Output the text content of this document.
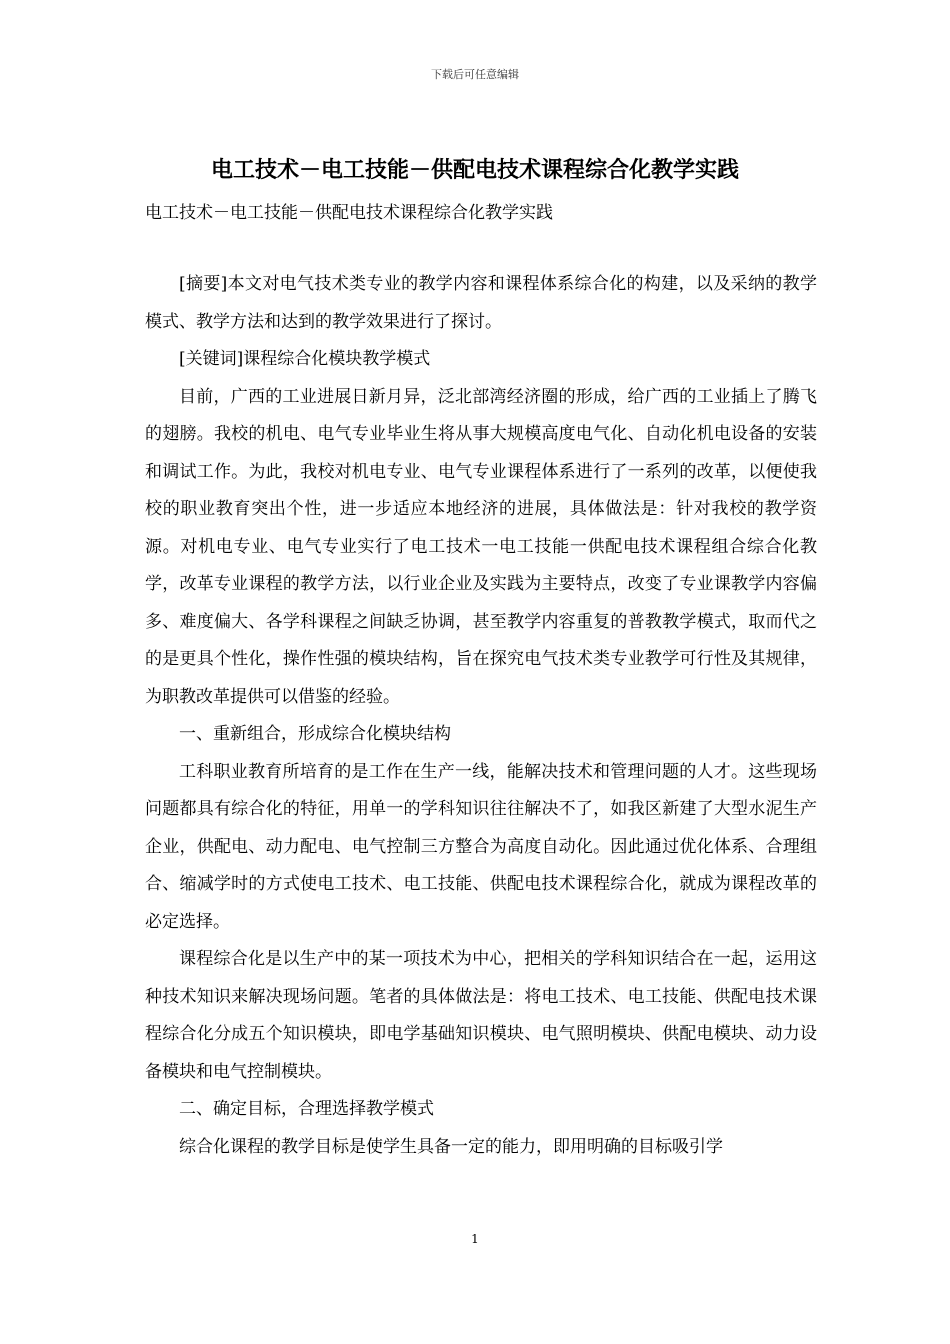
下载后可任意编辑
电工技术－电工技能－供配电技术课程综合化教学实践
电工技术－电工技能－供配电技术课程综合化教学实践

[摘要]本文对电气技术类专业的教学内容和课程体系综合化的构建，以及采纳的教学模式、教学方法和达到的教学效果进行了探讨。

[关键词]课程综合化模块教学模式

目前，广西的工业进展日新月异，泛北部湾经济圈的形成，给广西的工业插上了腾飞的翅膀。我校的机电、电气专业毕业生将从事大规模高度电气化、自动化机电设备的安装和调试工作。为此，我校对机电专业、电气专业课程体系进行了一系列的改革，以便使我校的职业教育突出个性，进一步适应本地经济的进展，具体做法是：针对我校的教学资源。对机电专业、电气专业实行了电工技术一电工技能一供配电技术课程组合综合化教学，改革专业课程的教学方法，以行业企业及实践为主要特点，改变了专业课教学内容偏多、难度偏大、各学科课程之间缺乏协调，甚至教学内容重复的普教教学模式，取而代之的是更具个性化，操作性强的模块结构，旨在探究电气技术类专业教学可行性及其规律，为职教改革提供可以借鉴的经验。

一、重新组合，形成综合化模块结构

工科职业教育所培育的是工作在生产一线，能解决技术和管理问题的人才。这些现场问题都具有综合化的特征，用单一的学科知识往往解决不了，如我区新建了大型水泥生产企业，供配电、动力配电、电气控制三方整合为高度自动化。因此通过优化体系、合理组合、缩减学时的方式使电工技术、电工技能、供配电技术课程综合化，就成为课程改革的必定选择。

课程综合化是以生产中的某一项技术为中心，把相关的学科知识结合在一起，运用这种技术知识来解决现场问题。笔者的具体做法是：将电工技术、电工技能、供配电技术课程综合化分成五个知识模块，即电学基础知识模块、电气照明模块、供配电模块、动力设备模块和电气控制模块。

二、确定目标，合理选择教学模式

综合化课程的教学目标是使学生具备一定的能力，即用明确的目标吸引学

1
